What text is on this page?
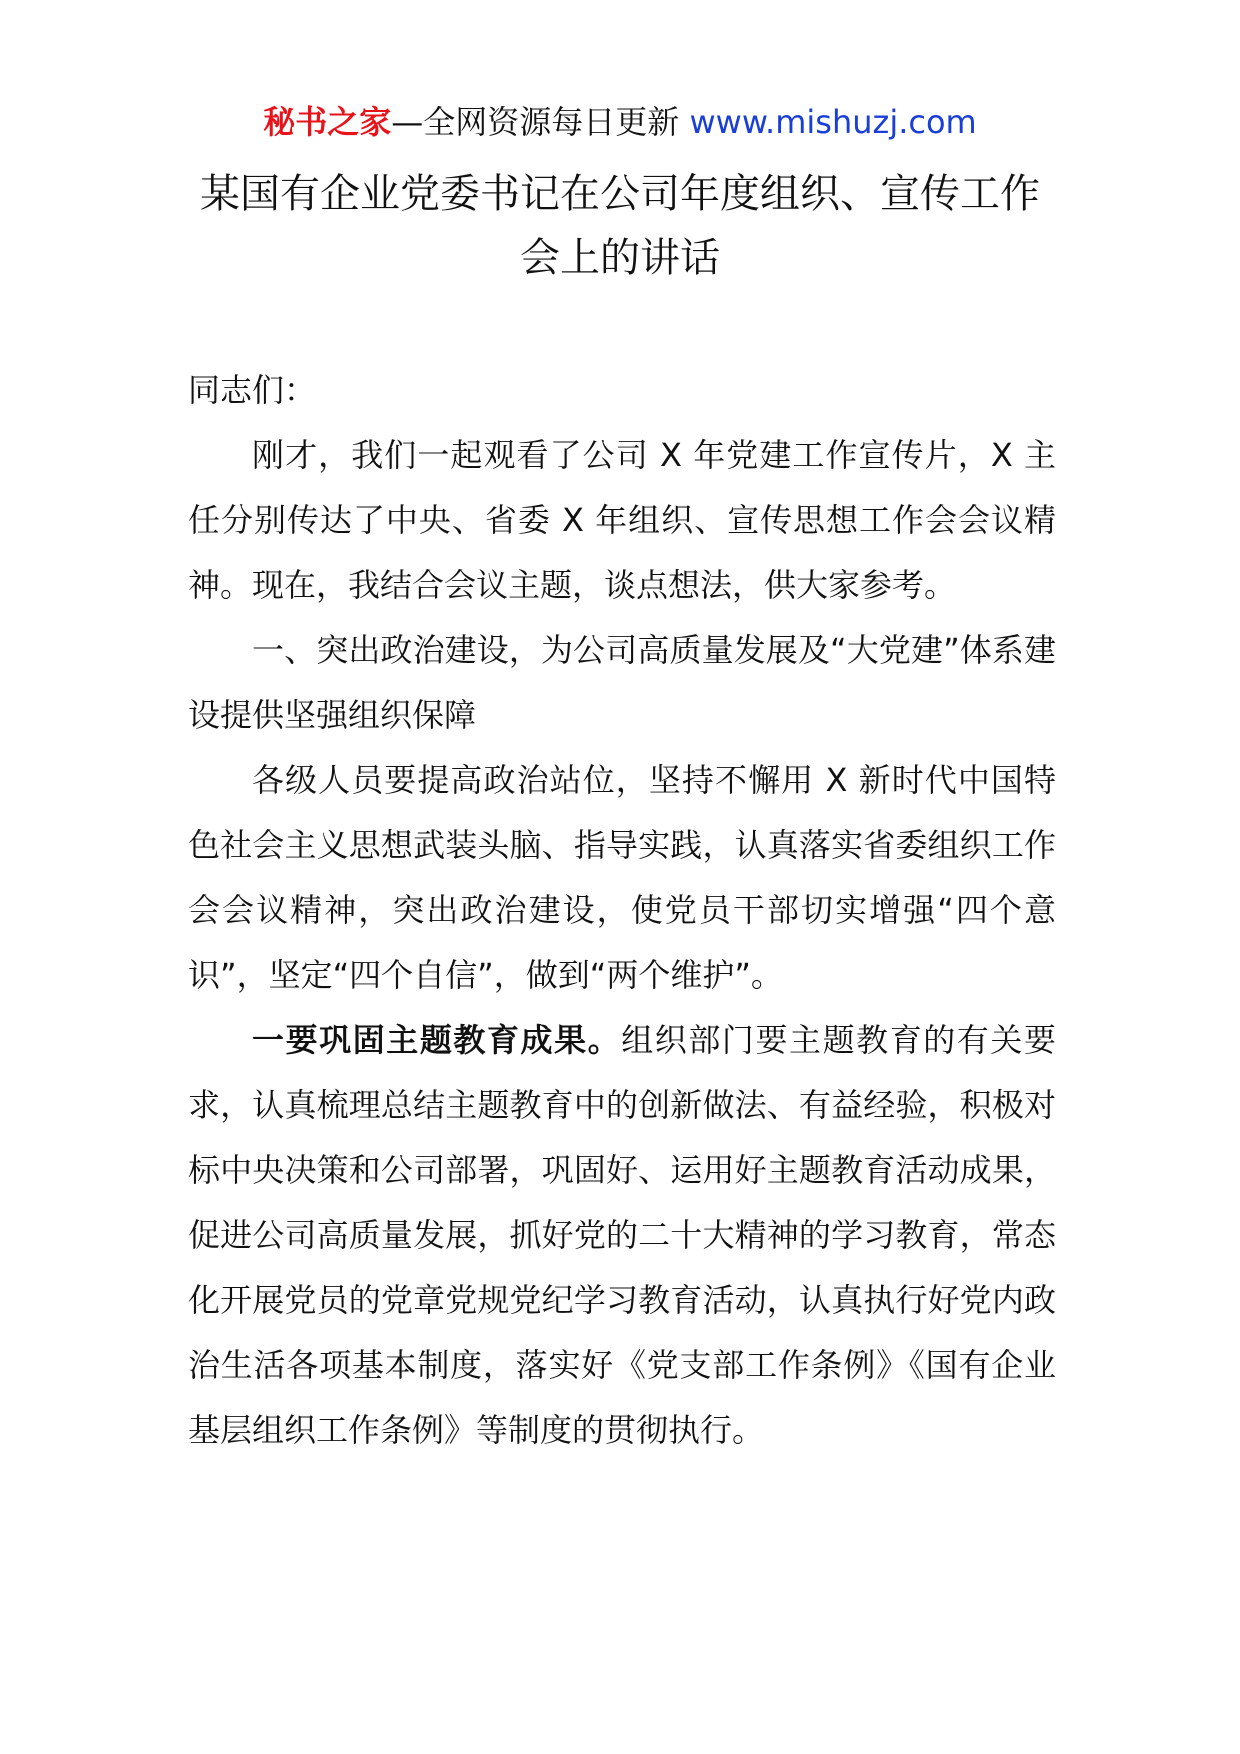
秘书之家—全网资源每日更新 www.mishuzj.com
某国有企业党委书记在公司年度组织、宣传工作会上的讲话

同志们：

刚才，我们一起观看了公司 X 年党建工作宣传片，X 主任分别传达了中央、省委 X 年组织、宣传思想工作会会议精神。现在，我结合会议主题，谈点想法，供大家参考。

一、突出政治建设，为公司高质量发展及“大党建”体系建设提供坚强组织保障

各级人员要提高政治站位，坚持不懈用 X 新时代中国特色社会主义思想武装头脑、指导实践，认真落实省委组织工作会会议精神，突出政治建设，使党员干部切实增强“四个意识”，坚定“四个自信”，做到“两个维护”。

一要巩固主题教育成果。组织部门要主题教育的有关要求，认真梳理总结主题教育中的创新做法、有益经验，积极对标中央决策和公司部署，巩固好、运用好主题教育活动成果，促进公司高质量发展，抓好党的二十大精神的学习教育，常态化开展党员的党章党规党纪学习教育活动，认真执行好党内政治生活各项基本制度，落实好《党支部工作条例》《国有企业基层组织工作条例》等制度的贯彻执行。
